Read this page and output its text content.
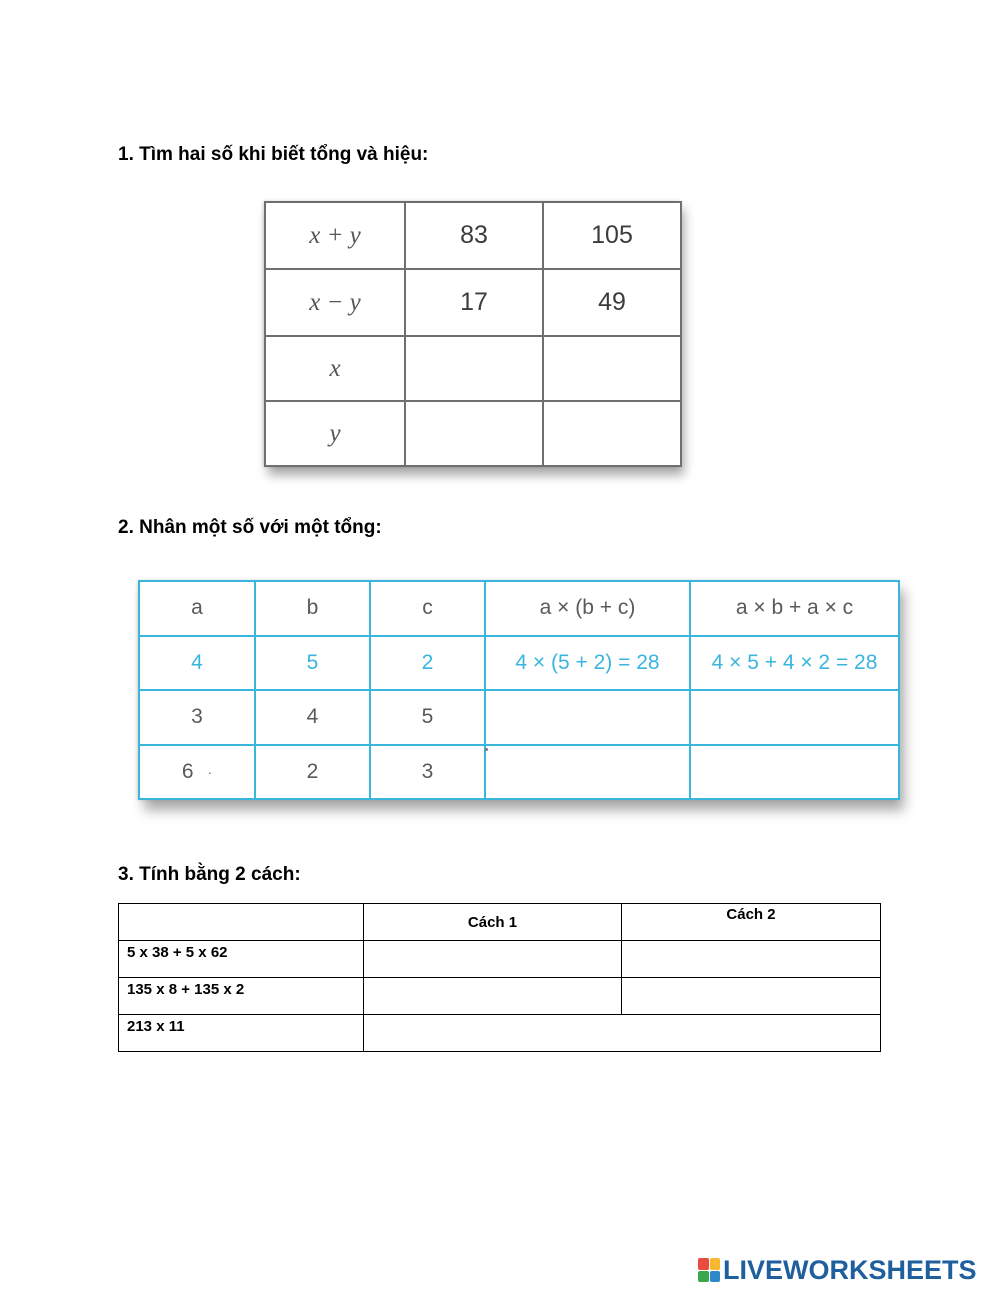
1. Tìm hai số khi biết tổng và hiệu:
x + y	83	105
x − y	17	49
x		
y		
2. Nhân một số với một tổng:
a	b	c	a × (b + c)	a × b + a × c
4	5	2	4 × (5 + 2) = 28	4 × 5 + 4 × 2 = 28
3	4	5		
6 ·	2	3		
3. Tính bằng 2 cách:
	Cách 1	Cách 2
5 x 38 + 5 x 62		
135 x 8 + 135 x 2		
213 x 11		
LIVEWORKSHEETS
